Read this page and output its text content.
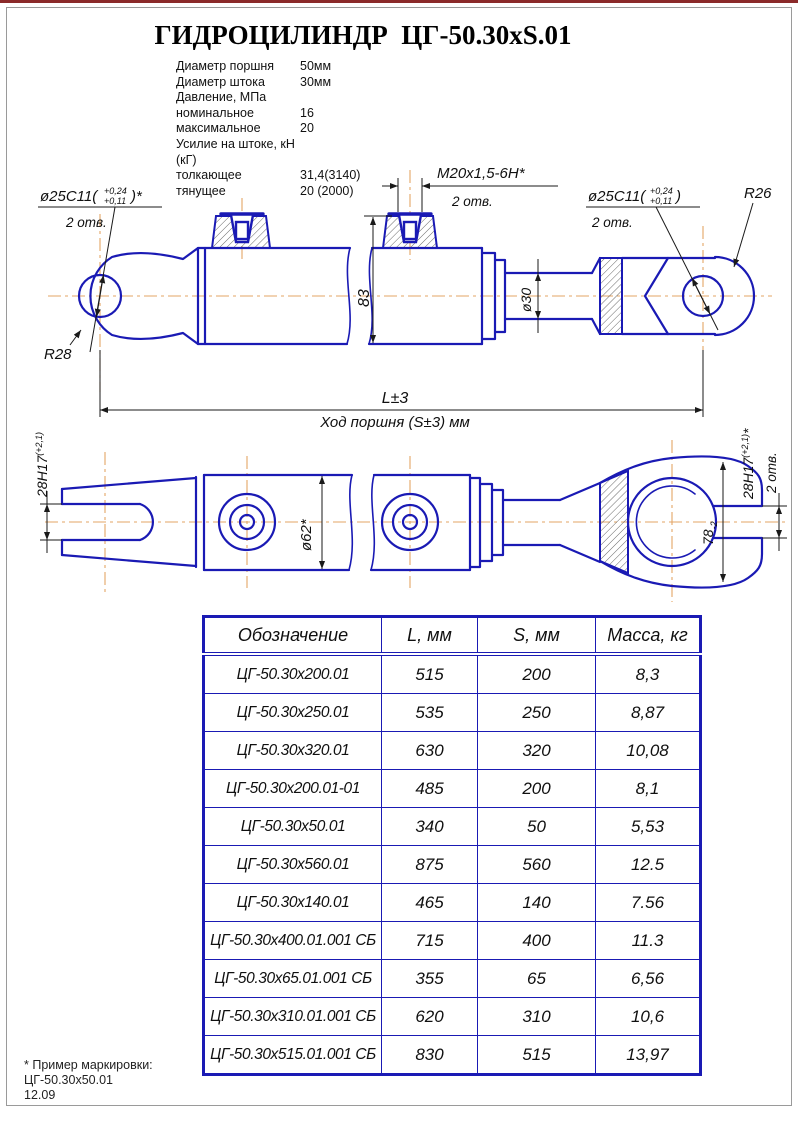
ГИДРОЦИЛИНДР  ЦГ-50.30xS.01
Диаметр поршня	50мм
Диаметр штока	30мм
Давление, МПа
номинальное	16
максимальное	20
Усилие на штоке, кН (кГ)
толкающее	31,4(3140)
тянущее	20 (2000)
ø25C11( +0,24
+0,11 )*
2 отв.
R28
M20x1,5-6H*
2 отв.
83
ø25C11( +0,24
+0,11 )
2 отв.
R26
ø30
L±3
Ход поршня (S±3) мм
$28H17^{(+2,1)}$
ø62*	$78_{-2}$
$28H17^{(+2,1)}*$
2 отв.
Обозначение	L, мм	S, мм	Масса, кг
ЦГ-50.30x200.01	515	200	8,3
ЦГ-50.30x250.01	535	250	8,87
ЦГ-50.30x320.01	630	320	10,08
ЦГ-50.30x200.01-01	485	200	8,1
ЦГ-50.30x50.01	340	50	5,53
ЦГ-50.30x560.01	875	560	12.5
ЦГ-50.30x140.01	465	140	7.56
ЦГ-50.30x400.01.001 СБ	715	400	11.3
ЦГ-50.30x65.01.001 СБ	355	65	6,56
ЦГ-50.30x310.01.001 СБ	620	310	10,6
ЦГ-50.30x515.01.001 СБ	830	515	13,97
* Пример маркировки:
ЦГ-50.30x50.01
12.09
